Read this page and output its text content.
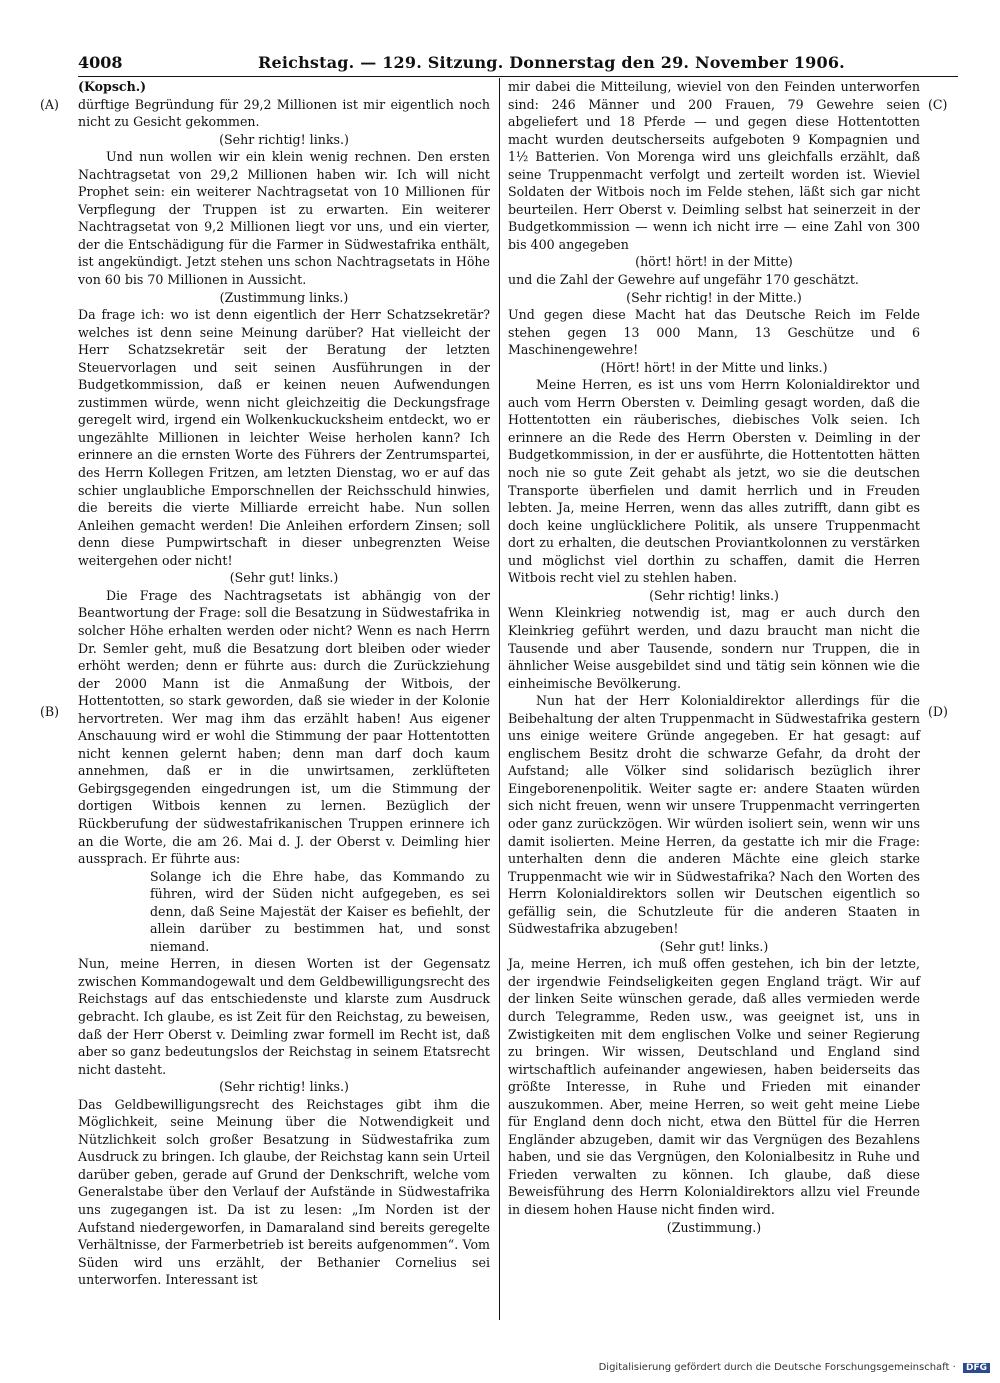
4008	Reichstag. — 129. Sitzung. Donnerstag den 29. November 1906.
(A)
(B)
(C)
(D)

(Kopsch.)

dürftige Begründung für 29,2 Millionen ist mir eigentlich noch nicht zu Gesicht gekommen.

(Sehr richtig! links.)

Und nun wollen wir ein klein wenig rechnen. Den ersten Nachtragsetat von 29,2 Millionen haben wir. Ich will nicht Prophet sein: ein weiterer Nachtragsetat von 10 Millionen für Verpflegung der Truppen ist zu erwarten. Ein weiterer Nachtragsetat von 9,2 Millionen liegt vor uns, und ein vierter, der die Entschädigung für die Farmer in Südwestafrika enthält, ist angekündigt. Jetzt stehen uns schon Nachtragsetats in Höhe von 60 bis 70 Millionen in Aussicht.

(Zustimmung links.)

Da frage ich: wo ist denn eigentlich der Herr Schatzsekretär? welches ist denn seine Meinung darüber? Hat vielleicht der Herr Schatzsekretär seit der Beratung der letzten Steuervorlagen und seit seinen Ausführungen in der Budgetkommission, daß er keinen neuen Aufwendungen zustimmen würde, wenn nicht gleichzeitig die Deckungsfrage geregelt wird, irgend ein Wolkenkuckucksheim entdeckt, wo er ungezählte Millionen in leichter Weise herholen kann? Ich erinnere an die ernsten Worte des Führers der Zentrumspartei, des Herrn Kollegen Fritzen, am letzten Dienstag, wo er auf das schier unglaubliche Emporschnellen der Reichsschuld hinwies, die bereits die vierte Milliarde erreicht habe. Nun sollen Anleihen gemacht werden! Die Anleihen erfordern Zinsen; soll denn diese Pumpwirtschaft in dieser unbegrenzten Weise weitergehen oder nicht!

(Sehr gut! links.)

Die Frage des Nachtragsetats ist abhängig von der Beantwortung der Frage: soll die Besatzung in Südwestafrika in solcher Höhe erhalten werden oder nicht? Wenn es nach Herrn Dr. Semler geht, muß die Besatzung dort bleiben oder wieder erhöht werden; denn er führte aus: durch die Zurückziehung der 2000 Mann ist die Anmaßung der Witbois, der Hottentotten, so stark geworden, daß sie wieder in der Kolonie hervortreten. Wer mag ihm das erzählt haben! Aus eigener Anschauung wird er wohl die Stimmung der paar Hottentotten nicht kennen gelernt haben; denn man darf doch kaum annehmen, daß er in die unwirtsamen, zerklüfteten Gebirgsgegenden eingedrungen ist, um die Stimmung der dortigen Witbois kennen zu lernen. Bezüglich der Rückberufung der südwestafrikanischen Truppen erinnere ich an die Worte, die am 26. Mai d. J. der Oberst v. Deimling hier aussprach. Er führte aus:

Solange ich die Ehre habe, das Kommando zu führen, wird der Süden nicht aufgegeben, es sei denn, daß Seine Majestät der Kaiser es befiehlt, der allein darüber zu bestimmen hat, und sonst niemand.

Nun, meine Herren, in diesen Worten ist der Gegensatz zwischen Kommandogewalt und dem Geldbewilligungsrecht des Reichstags auf das entschiedenste und klarste zum Ausdruck gebracht. Ich glaube, es ist Zeit für den Reichstag, zu beweisen, daß der Herr Oberst v. Deimling zwar formell im Recht ist, daß aber so ganz bedeutungslos der Reichstag in seinem Etatsrecht nicht dasteht.

(Sehr richtig! links.)

Das Geldbewilligungsrecht des Reichstages gibt ihm die Möglichkeit, seine Meinung über die Notwendigkeit und Nützlichkeit solch großer Besatzung in Südwestafrika zum Ausdruck zu bringen. Ich glaube, der Reichstag kann sein Urteil darüber geben, gerade auf Grund der Denkschrift, welche vom Generalstabe über den Verlauf der Aufstände in Südwestafrika uns zugegangen ist. Da ist zu lesen: „Im Norden ist der Aufstand niedergeworfen, in Damaraland sind bereits geregelte Verhältnisse, der Farmerbetrieb ist bereits aufgenommen“. Vom Süden wird uns erzählt, der Bethanier Cornelius sei unterworfen. Interessant ist

mir dabei die Mitteilung, wieviel von den Feinden unterworfen sind: 246 Männer und 200 Frauen, 79 Gewehre seien abgeliefert und 18 Pferde — und gegen diese Hottentotten macht wurden deutscherseits aufgeboten 9 Kompagnien und 1½ Batterien. Von Morenga wird uns gleichfalls erzählt, daß seine Truppenmacht verfolgt und zerteilt worden ist. Wieviel Soldaten der Witbois noch im Felde stehen, läßt sich gar nicht beurteilen. Herr Oberst v. Deimling selbst hat seinerzeit in der Budgetkommission — wenn ich nicht irre — eine Zahl von 300 bis 400 angegeben

(hört! hört! in der Mitte)

und die Zahl der Gewehre auf ungefähr 170 geschätzt.

(Sehr richtig! in der Mitte.)

Und gegen diese Macht hat das Deutsche Reich im Felde stehen gegen 13 000 Mann, 13 Geschütze und 6 Maschinengewehre!

(Hört! hört! in der Mitte und links.)

Meine Herren, es ist uns vom Herrn Kolonialdirektor und auch vom Herrn Obersten v. Deimling gesagt worden, daß die Hottentotten ein räuberisches, diebisches Volk seien. Ich erinnere an die Rede des Herrn Obersten v. Deimling in der Budgetkommission, in der er ausführte, die Hottentotten hätten noch nie so gute Zeit gehabt als jetzt, wo sie die deutschen Transporte überfielen und damit herrlich und in Freuden lebten. Ja, meine Herren, wenn das alles zutrifft, dann gibt es doch keine unglücklichere Politik, als unsere Truppenmacht dort zu erhalten, die deutschen Proviantkolonnen zu verstärken und möglichst viel dorthin zu schaffen, damit die Herren Witbois recht viel zu stehlen haben.

(Sehr richtig! links.)

Wenn Kleinkrieg notwendig ist, mag er auch durch den Kleinkrieg geführt werden, und dazu braucht man nicht die Tausende und aber Tausende, sondern nur Truppen, die in ähnlicher Weise ausgebildet sind und tätig sein können wie die einheimische Bevölkerung.

Nun hat der Herr Kolonialdirektor allerdings für die Beibehaltung der alten Truppenmacht in Südwestafrika gestern uns einige weitere Gründe angegeben. Er hat gesagt: auf englischem Besitz droht die schwarze Gefahr, da droht der Aufstand; alle Völker sind solidarisch bezüglich ihrer Eingeborenenpolitik. Weiter sagte er: andere Staaten würden sich nicht freuen, wenn wir unsere Truppenmacht verringerten oder ganz zurückzögen. Wir würden isoliert sein, wenn wir uns damit isolierten. Meine Herren, da gestatte ich mir die Frage: unterhalten denn die anderen Mächte eine gleich starke Truppenmacht wie wir in Südwestafrika? Nach den Worten des Herrn Kolonialdirektors sollen wir Deutschen eigentlich so gefällig sein, die Schutzleute für die anderen Staaten in Südwestafrika abzugeben!

(Sehr gut! links.)

Ja, meine Herren, ich muß offen gestehen, ich bin der letzte, der irgendwie Feindseligkeiten gegen England trägt. Wir auf der linken Seite wünschen gerade, daß alles vermieden werde durch Telegramme, Reden usw., was geeignet ist, uns in Zwistigkeiten mit dem englischen Volke und seiner Regierung zu bringen. Wir wissen, Deutschland und England sind wirtschaftlich aufeinander angewiesen, haben beiderseits das größte Interesse, in Ruhe und Frieden mit einander auszukommen. Aber, meine Herren, so weit geht meine Liebe für England denn doch nicht, etwa den Büttel für die Herren Engländer abzugeben, damit wir das Vergnügen des Bezahlens haben, und sie das Vergnügen, den Kolonialbesitz in Ruhe und Frieden verwalten zu können. Ich glaube, daß diese Beweisführung des Herrn Kolonialdirektors allzu viel Freunde in diesem hohen Hause nicht finden wird.

(Zustimmung.)

Digitalisierung gefördert durch die Deutsche Forschungsgemeinschaft · DFG
